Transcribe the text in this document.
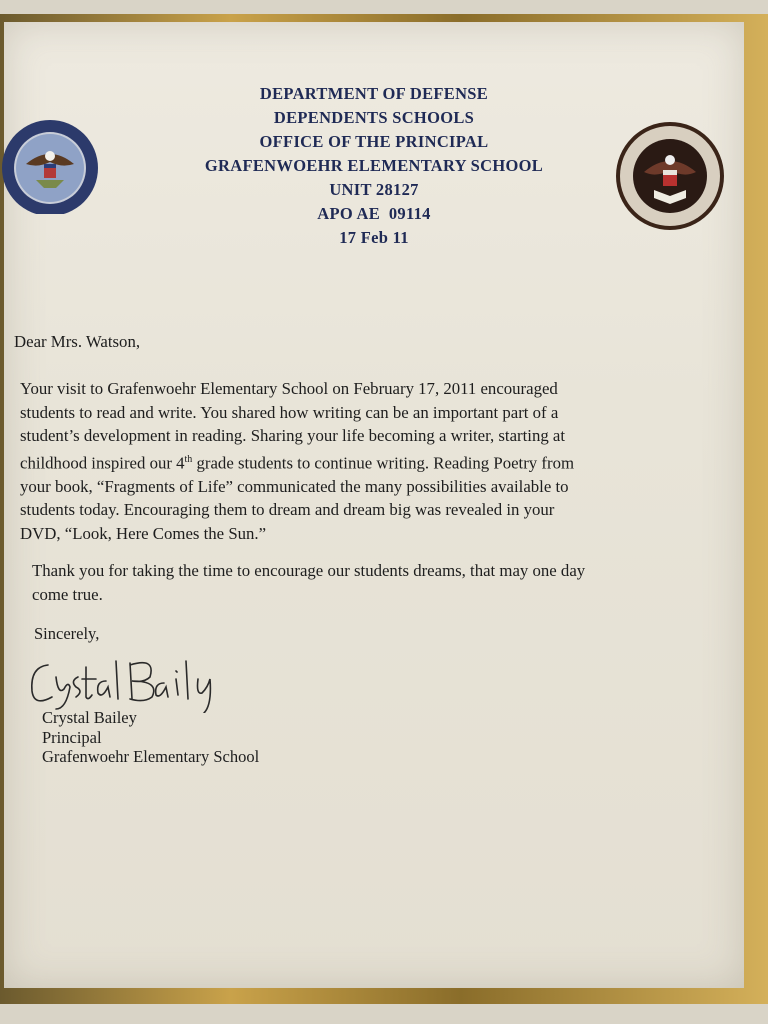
DEPARTMENT OF DEFENSE
DEPENDENTS SCHOOLS
OFFICE OF THE PRINCIPAL
GRAFENWOEHR ELEMENTARY SCHOOL
UNIT 28127
APO AE  09114
17 Feb 11
Dear Mrs. Watson,

Your visit to Grafenwoehr Elementary School on February 17, 2011 encouraged

students to read and write. You shared how writing can be an important part of a

student’s development in reading. Sharing your life becoming a writer, starting at

childhood inspired our 4th grade students to continue writing. Reading Poetry from

your book, “Fragments of Life” communicated the many possibilities available to

students today. Encouraging them to dream and dream big was revealed in your

DVD, “Look, Here Comes the Sun.”

Thank you for taking the time to encourage our students dreams, that may one day
come true.
Sincerely,
Crystal Bailey
Principal
Grafenwoehr Elementary School
